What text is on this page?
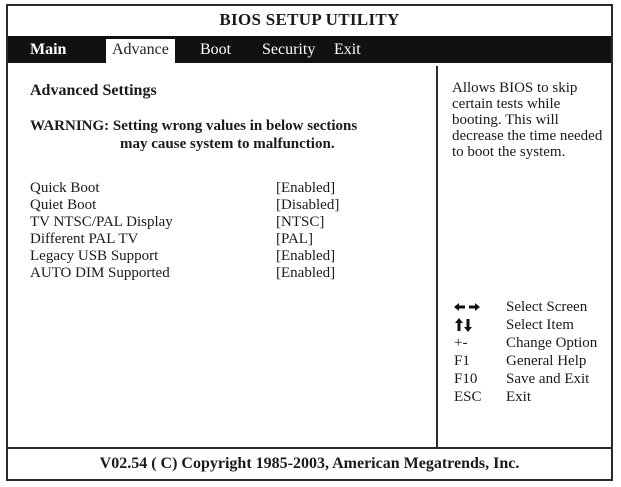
BIOS SETUP UTILITY
Main	Advance	Boot Security Exit
Advanced Settings
WARNING: Setting wrong values in below sections
may cause system to malfunction.
Quick Boot	[Enabled]
Quiet Boot	[Disabled]
TV NTSC/PAL Display	[NTSC]
Different PAL TV	[PAL]
Legacy USB Support	[Enabled]
AUTO DIM Supported	[Enabled]
Allows BIOS to skip certain tests while booting. This will decrease the time needed to boot the system.
Select Screen
Select Item
+-	Change Option
F1 General Help
F10 Save and Exit
ESC Exit
V02.54 ( C) Copyright 1985-2003, American Megatrends, Inc.
